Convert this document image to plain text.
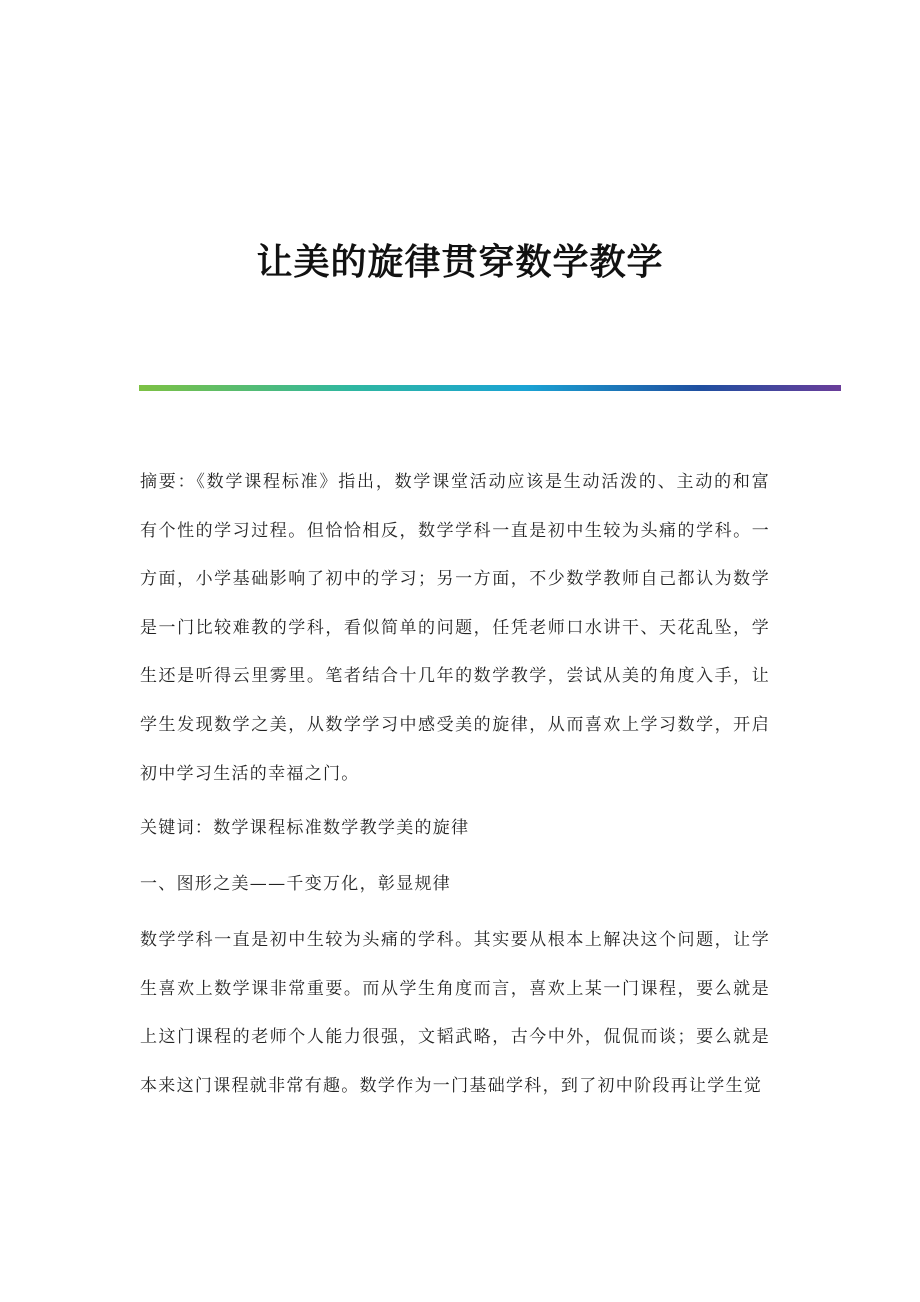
让美的旋律贯穿数学教学

摘要：《数学课程标准》指出，数学课堂活动应该是生动活泼的、主动的和富有个性的学习过程。但恰恰相反，数学学科一直是初中生较为头痛的学科。一方面，小学基础影响了初中的学习；另一方面，不少数学教师自己都认为数学是一门比较难教的学科，看似简单的问题，任凭老师口水讲干、天花乱坠，学生还是听得云里雾里。笔者结合十几年的数学教学，尝试从美的角度入手，让学生发现数学之美，从数学学习中感受美的旋律，从而喜欢上学习数学，开启初中学习生活的幸福之门。

关键词：数学课程标准数学教学美的旋律
一、图形之美——千变万化，彰显规律

数学学科一直是初中生较为头痛的学科。其实要从根本上解决这个问题，让学生喜欢上数学课非常重要。而从学生角度而言，喜欢上某一门课程，要么就是上这门课程的老师个人能力很强，文韬武略，古今中外，侃侃而谈；要么就是本来这门课程就非常有趣。数学作为一门基础学科，到了初中阶段再让学生觉
